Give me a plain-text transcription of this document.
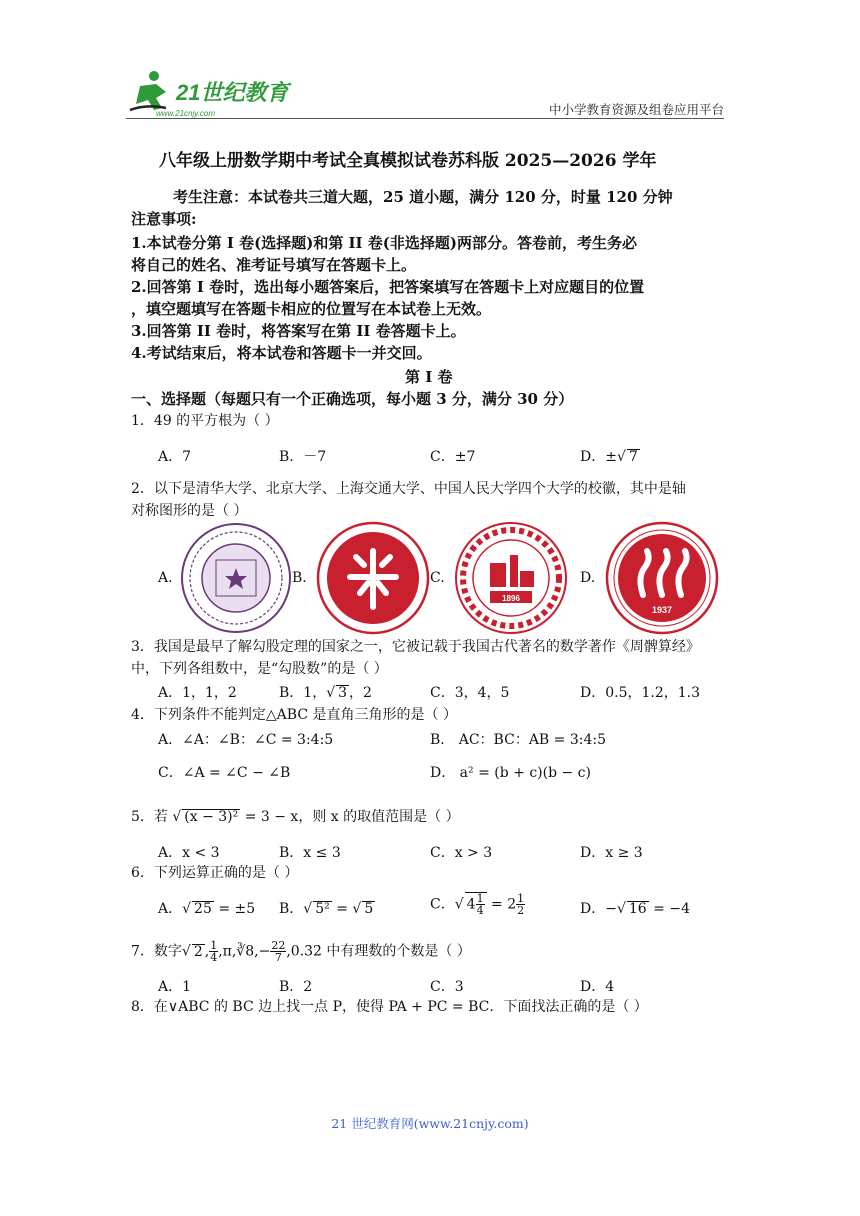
21世纪教育
www.21cnjy.com	中小学教育资源及组卷应用平台
八年级上册数学期中考试全真模拟试卷苏科版 2025—2026 学年
考生注意：本试卷共三道大题，25 道小题，满分 120 分，时量 120 分钟
注意事项:
1.本试卷分第 I 卷(选择题)和第 II 卷(非选择题)两部分。答卷前，考生务必
将自己的姓名、准考证号填写在答题卡上。
2.回答第 I 卷时，选出每小题答案后，把答案填写在答题卡上对应题目的位置
，填空题填写在答题卡相应的位置写在本试卷上无效。
3.回答第 II 卷时，将答案写在第 II 卷答题卡上。
4.考试结束后，将本试卷和答题卡一并交回。
第 I 卷
一、选择题（每题只有一个正确选项，每小题 3 分，满分 30 分）
1．49 的平方根为（ ）
A．7	B．－7	C．±7	D．±√ 7
2．以下是清华大学、北京大学、上海交通大学、中国人民大学四个大学的校徽，其中是轴
对称图形的是（ ）
A.	B.	C.	D.
1896
1937
3．我国是最早了解勾股定理的国家之一，它被记载于我国古代著名的数学著作《周髀算经》
中，下列各组数中，是“勾股数”的是（ ）
A．1，1，2	B．1，√ 3 ，2	C．3，4，5	D．0.5，1.2，1.3
4．下列条件不能判定△ABC 是直角三角形的是（ ）
A．∠A：∠B：∠C = 3:4:5	B． AC：BC：AB = 3:4:5
C．∠A = ∠C − ∠B	D． a² = (b + c)(b − c)
5．若 √ (x − 3)² = 3 − x，则 x 的取值范围是（ ）
A．x < 3	B．x ≤ 3	C．x > 3	D．x ≥ 3
6．下列运算正确的是（ ）
A．√ 25 = ±5 B．√ 5² = √ 5	C．√ $4 \frac{1}{4} = 2 \frac{1}{2}$	D．−√ 16 = −4
7．数字√ 2 , $\frac{1}{4}$ ,π,∛8,− $\frac{22}{7}$ ,0.3̇2̇ 中有理数的个数是（ ）
A．1	B．2	C．3	D．4
8．在∨ABC 的 BC 边上找一点 P，使得 PA + PC = BC．下面找法正确的是（ ）
21 世纪教育网(www.21cnjy.com)
